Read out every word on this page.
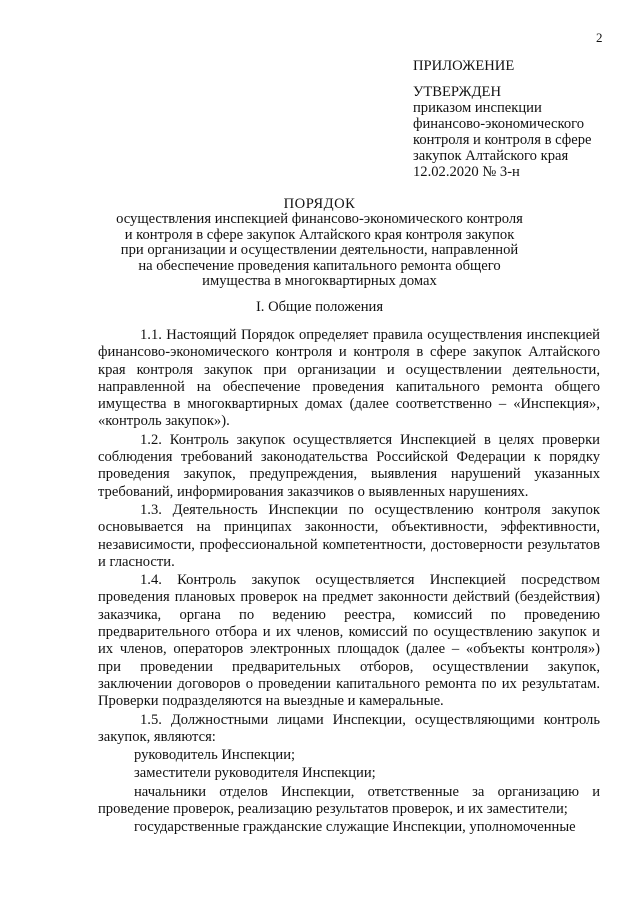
2
ПРИЛОЖЕНИЕ
УТВЕРЖДЕН
приказом инспекции
финансово-экономического
контроля и контроля в сфере
закупок Алтайского края
12.02.2020 № 3-н
ПОРЯДОК
осуществления инспекцией финансово-экономического контроля
и контроля в сфере закупок Алтайского края контроля закупок
при организации и осуществлении деятельности, направленной
на обеспечение проведения капитального ремонта общего
имущества в многоквартирных домах
I. Общие положения

1.1. Настоящий Порядок определяет правила осуществления инспекцией финансово-экономического контроля и контроля в сфере закупок Алтайского края контроля закупок при организации и осуществлении деятельности, направленной на обеспечение проведения капитального ремонта общего имущества в многоквартирных домах (далее соответственно – «Инспекция», «контроль закупок»).

1.2. Контроль закупок осуществляется Инспекцией в целях проверки соблюдения требований законодательства Российской Федерации к порядку проведения закупок, предупреждения, выявления нарушений указанных требований, информирования заказчиков о выявленных нарушениях.

1.3. Деятельность Инспекции по осуществлению контроля закупок основывается на принципах законности, объективности, эффективности, независимости, профессиональной компетентности, достоверности результатов и гласности.

1.4. Контроль закупок осуществляется Инспекцией посредством проведения плановых проверок на предмет законности действий (бездействия) заказчика, органа по ведению реестра, комиссий по проведению предварительного отбора и их членов, комиссий по осуществлению закупок и их членов, операторов электронных площадок (далее – «объекты контроля») при проведении предварительных отборов, осуществлении закупок, заключении договоров о проведении капитального ремонта по их результатам. Проверки подразделяются на выездные и камеральные.

1.5. Должностными лицами Инспекции, осуществляющими контроль закупок, являются:

руководитель Инспекции;

заместители руководителя Инспекции;

начальники отделов Инспекции, ответственные за организацию и проведение проверок, реализацию результатов проверок, и их заместители;

государственные гражданские служащие Инспекции, уполномоченные
